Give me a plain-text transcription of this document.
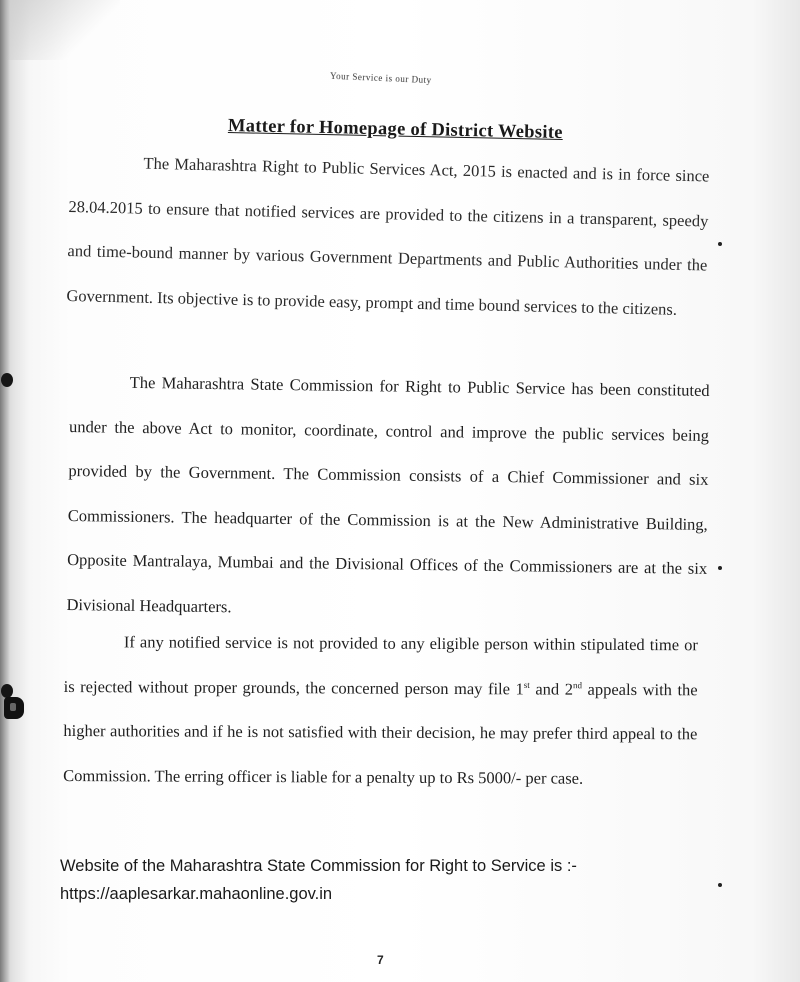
Your Service is our Duty
Matter for Homepage of District Website
The Maharashtra Right to Public Services Act, 2015 is enacted and is in force since 28.04.2015 to ensure that notified services are provided to the citizens in a transparent, speedy and time-bound manner by various Government Departments and Public Authorities under the Government. Its objective is to provide easy, prompt and time bound services to the citizens.
The Maharashtra State Commission for Right to Public Service has been constituted under the above Act to monitor, coordinate, control and improve the public services being provided by the Government. The Commission consists of a Chief Commissioner and six Commissioners. The headquarter of the Commission is at the New Administrative Building, Opposite Mantralaya, Mumbai and the Divisional Offices of the Commissioners are at the six Divisional Headquarters.
If any notified service is not provided to any eligible person within stipulated time or is rejected without proper grounds, the concerned person may file 1st and 2nd appeals with the higher authorities and if he is not satisfied with their decision, he may prefer third appeal to the Commission. The erring officer is liable for a penalty up to Rs 5000/- per case.
Website of the Maharashtra State Commission for Right to Service is :-
https://aaplesarkar.mahaonline.gov.in
7
